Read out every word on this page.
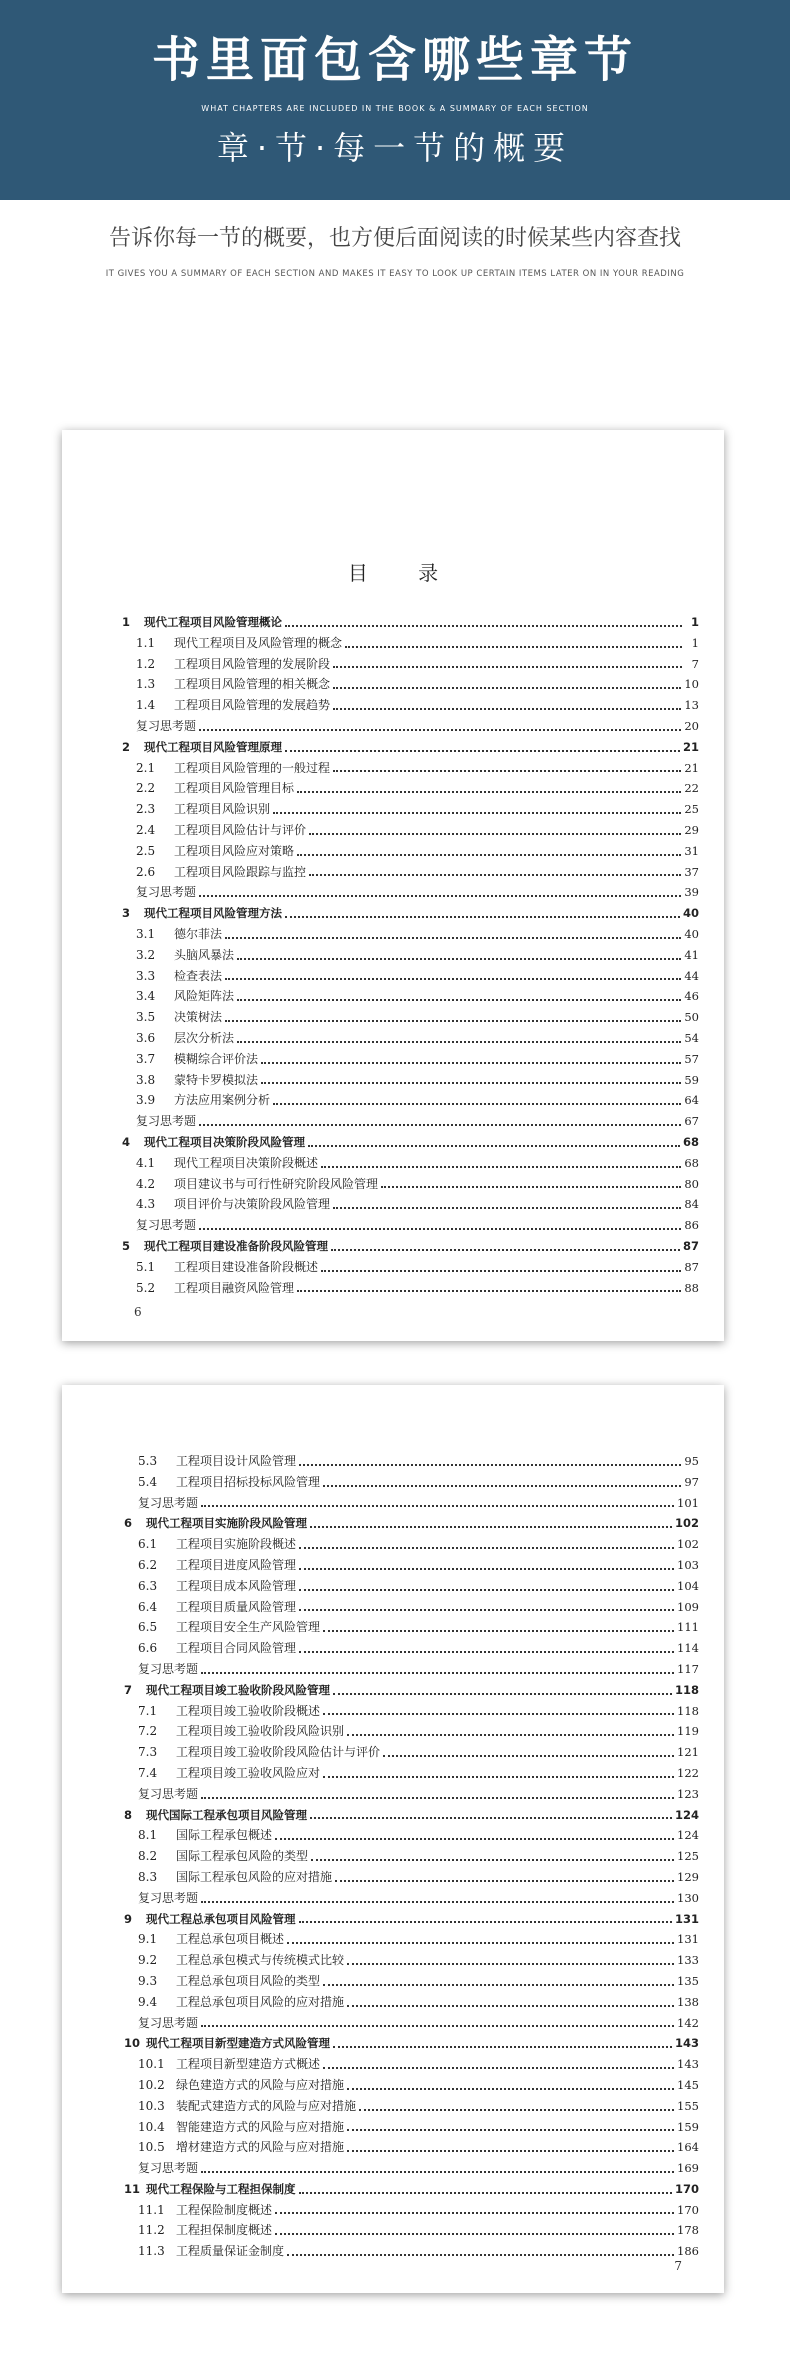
书里面包含哪些章节
WHAT CHAPTERS ARE INCLUDED IN THE BOOK & A SUMMARY OF EACH SECTION
章·节·每一节的概要
告诉你每一节的概要，也方便后面阅读的时候某些内容查找
IT GIVES YOU A SUMMARY OF EACH SECTION AND MAKES IT EASY TO LOOK UP CERTAIN ITEMS LATER ON IN YOUR READING
目 录
1	现代工程项目风险管理概论	1
1.1	现代工程项目及风险管理的概念	1
1.2	工程项目风险管理的发展阶段	7
1.3	工程项目风险管理的相关概念	10
1.4	工程项目风险管理的发展趋势	13
复习思考题	20
2	现代工程项目风险管理原理	21
2.1	工程项目风险管理的一般过程	21
2.2	工程项目风险管理目标	22
2.3	工程项目风险识别	25
2.4	工程项目风险估计与评价	29
2.5	工程项目风险应对策略	31
2.6	工程项目风险跟踪与监控	37
复习思考题	39
3	现代工程项目风险管理方法	40
3.1	德尔菲法	40
3.2	头脑风暴法	41
3.3	检查表法	44
3.4	风险矩阵法	46
3.5	决策树法	50
3.6	层次分析法	54
3.7	模糊综合评价法	57
3.8	蒙特卡罗模拟法	59
3.9	方法应用案例分析	64
复习思考题	67
4	现代工程项目决策阶段风险管理	68
4.1	现代工程项目决策阶段概述	68
4.2	项目建议书与可行性研究阶段风险管理	80
4.3	项目评价与决策阶段风险管理	84
复习思考题	86
5	现代工程项目建设准备阶段风险管理	87
5.1	工程项目建设准备阶段概述	87
5.2	工程项目融资风险管理	88
6
5.3	工程项目设计风险管理	95
5.4	工程项目招标投标风险管理	97
复习思考题	101
6	现代工程项目实施阶段风险管理	102
6.1	工程项目实施阶段概述	102
6.2	工程项目进度风险管理	103
6.3	工程项目成本风险管理	104
6.4	工程项目质量风险管理	109
6.5	工程项目安全生产风险管理	111
6.6	工程项目合同风险管理	114
复习思考题	117
7	现代工程项目竣工验收阶段风险管理	118
7.1	工程项目竣工验收阶段概述	118
7.2	工程项目竣工验收阶段风险识别	119
7.3	工程项目竣工验收阶段风险估计与评价	121
7.4	工程项目竣工验收风险应对	122
复习思考题	123
8	现代国际工程承包项目风险管理	124
8.1	国际工程承包概述	124
8.2	国际工程承包风险的类型	125
8.3	国际工程承包风险的应对措施	129
复习思考题	130
9	现代工程总承包项目风险管理	131
9.1	工程总承包项目概述	131
9.2	工程总承包模式与传统模式比较	133
9.3	工程总承包项目风险的类型	135
9.4	工程总承包项目风险的应对措施	138
复习思考题	142
10 现代工程项目新型建造方式风险管理	143
10.1 工程项目新型建造方式概述	143
10.2 绿色建造方式的风险与应对措施	145
10.3 装配式建造方式的风险与应对措施	155
10.4 智能建造方式的风险与应对措施	159
10.5 增材建造方式的风险与应对措施	164
复习思考题	169
11 现代工程保险与工程担保制度	170
11.1 工程保险制度概述	170
11.2 工程担保制度概述	178
11.3 工程质量保证金制度	186
7
